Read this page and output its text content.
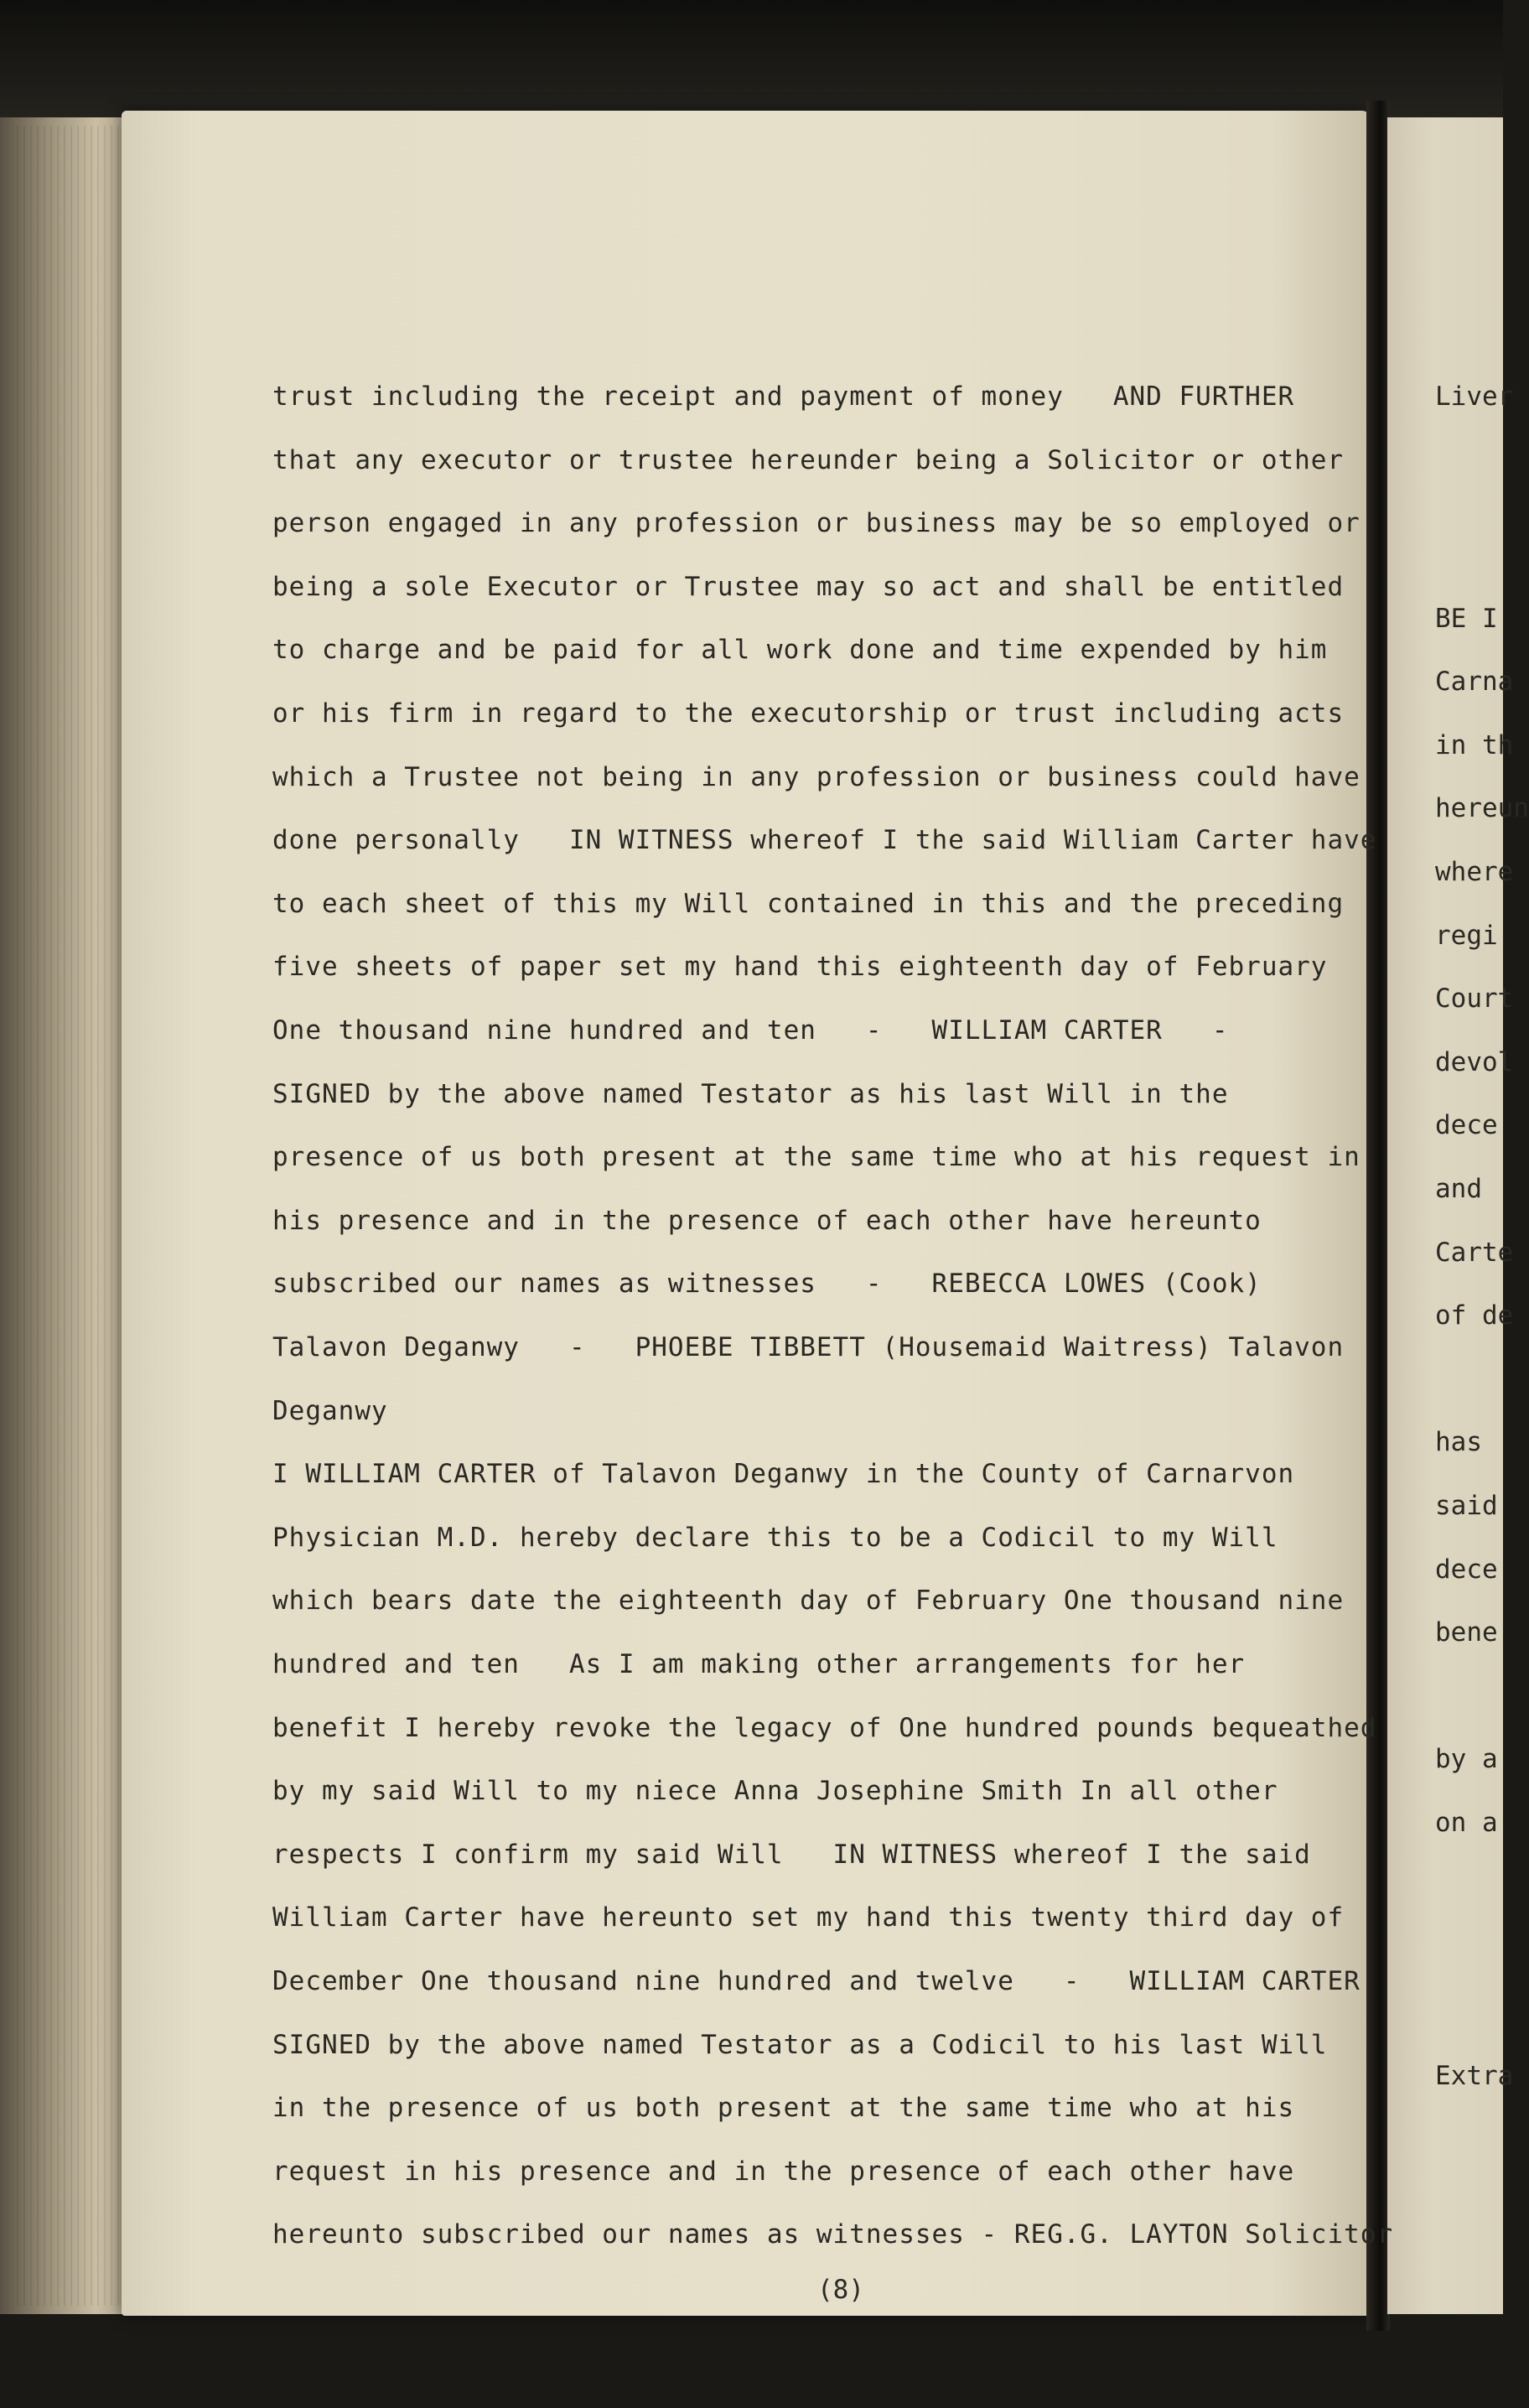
trust including the receipt and payment of money   AND FURTHER
that any executor or trustee hereunder being a Solicitor or other
person engaged in any profession or business may be so employed or
being a sole Executor or Trustee may so act and shall be entitled
to charge and be paid for all work done and time expended by him
or his firm in regard to the executorship or trust including acts
which a Trustee not being in any profession or business could have
done personally   IN WITNESS whereof I the said William Carter have
to each sheet of this my Will contained in this and the preceding
five sheets of paper set my hand this eighteenth day of February
One thousand nine hundred and ten   -   WILLIAM CARTER   -
SIGNED by the above named Testator as his last Will in the
presence of us both present at the same time who at his request in
his presence and in the presence of each other have hereunto
subscribed our names as witnesses   -   REBECCA LOWES (Cook)
Talavon Deganwy   -   PHOEBE TIBBETT (Housemaid Waitress) Talavon
Deganwy
I WILLIAM CARTER of Talavon Deganwy in the County of Carnarvon
Physician M.D. hereby declare this to be a Codicil to my Will
which bears date the eighteenth day of February One thousand nine
hundred and ten   As I am making other arrangements for her
benefit I hereby revoke the legacy of One hundred pounds bequeathed
by my said Will to my niece Anna Josephine Smith In all other
respects I confirm my said Will   IN WITNESS whereof I the said
William Carter have hereunto set my hand this twenty third day of
December One thousand nine hundred and twelve   -   WILLIAM CARTER
SIGNED by the above named Testator as a Codicil to his last Will
in the presence of us both present at the same time who at his
request in his presence and in the presence of each other have
hereunto subscribed our names as witnesses - REG.G. LAYTON Solicitor
(8)
Liver
BE I
Carna
in th
hereun
where
regi
Court
devol
dece
and
Carte
of de
has
said
dece
bene
by a
on a
Extra
